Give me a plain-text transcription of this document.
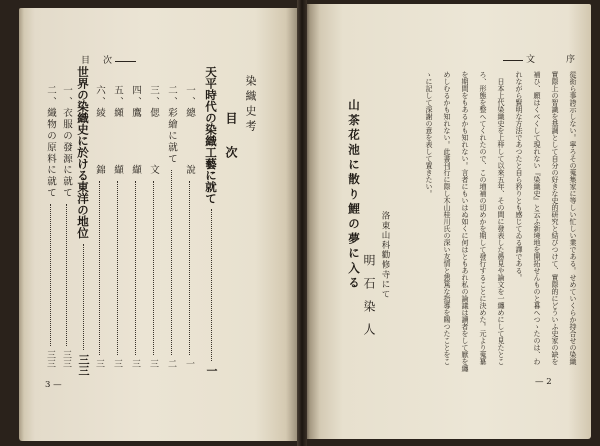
目 次
染織史考
目次
天平時代の染織工藝に就て
一
一、總　　　　說
一
二、彩繪に就て
二
三、偲　　　　文
三
四、鷹　　　　纈
三
五、纐　　　　纈
三
六、綾　　　　錦
三
世界の染織史に於ける東洋の地位
三三
一、衣服の發源に就て
三三
二、織物の原料に就て
三三
3 —
文	序
從衒ら事誇示しない。寧ろその蒐集家に等しい忙しい業である。せめていくらか持合せの染織
實際上の智識を基調として自分の好きな史的研究と結びつけて、實際的にどういふ史家の缺を
補ひ、願はくべくして現れない『染織史』と云ふ新境地を開拓せんものと暮へつゝたのは、わ
れながら賢明な方法であつたと自ら矜りとも感じてゐる譯である。
日本上代染織史を上梓して以來五年、その間に發表した愚見や論文を一纏めにして見たとこ
ろ、形態を整へてくれたので、この増補の切めかを期して發行することに決めた。元より蒐纂
を期間をもあるかも知れない。言者にもいはぬ如くに何はともあれ私の論議は讀者をして厭を纏
めしむるかも知れない。此書刊行に際し木山桂川氏の深い友情と懇篤な指導を賜つたことをこ
ゝに記して深謝の意を表して置きたい。
洛東山科勸修寺にて
明石染人
山茶花池に散り鯉の夢に入る
— 2
